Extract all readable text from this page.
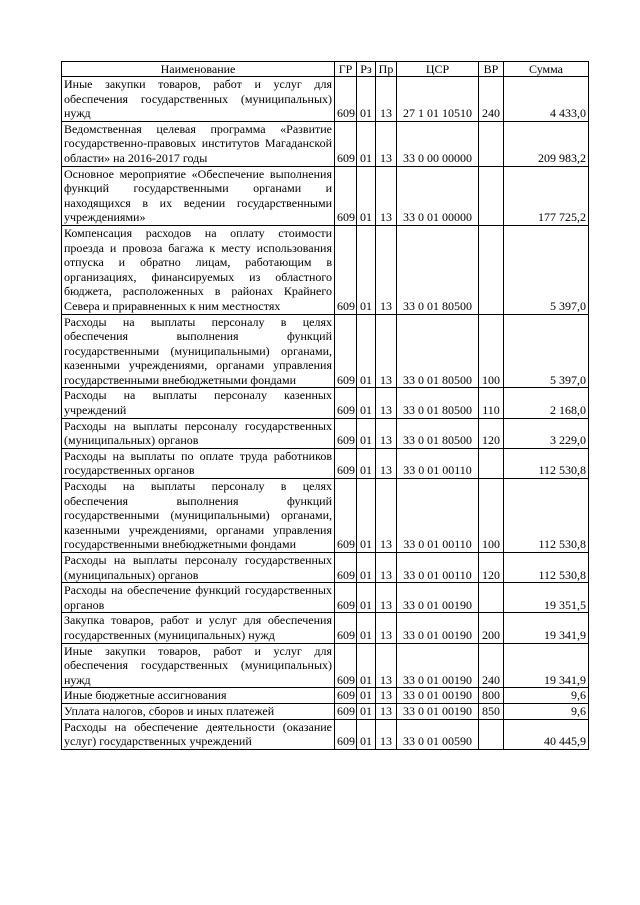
Наименование	ГР	Рз	Пр	ЦСР	ВР	Сумма
Иные закупки товаров, работ и услуг для обеспечения государственных (муниципальных) нужд	609	01	13	27 1 01 10510	240	4 433,0
Ведомственная целевая программа «Развитие государственно-правовых институтов Магаданской области» на 2016-2017 годы	609	01	13	33 0 00 00000		209 983,2
Основное мероприятие «Обеспечение выполнения функций государственными органами и находящихся в их ведении государственными учреждениями»	609	01	13	33 0 01 00000		177 725,2
Компенсация расходов на оплату стоимости проезда и провоза багажа к месту использования отпуска и обратно лицам, работающим в организациях, финансируемых из областного бюджета, расположенных в районах Крайнего Севера и приравненных к ним местностях	609	01	13	33 0 01 80500		5 397,0
Расходы на выплаты персоналу в целях обеспечения выполнения функций государственными (муниципальными) органами, казенными учреждениями, органами управления государственными внебюджетными фондами	609	01	13	33 0 01 80500	100	5 397,0
Расходы на выплаты персоналу казенных учреждений	609	01	13	33 0 01 80500	110	2 168,0
Расходы на выплаты персоналу государственных (муниципальных) органов	609	01	13	33 0 01 80500	120	3 229,0
Расходы на выплаты по оплате труда работников государственных органов	609	01	13	33 0 01 00110		112 530,8
Расходы на выплаты персоналу в целях обеспечения выполнения функций государственными (муниципальными) органами, казенными учреждениями, органами управления государственными внебюджетными фондами	609	01	13	33 0 01 00110	100	112 530,8
Расходы на выплаты персоналу государственных (муниципальных) органов	609	01	13	33 0 01 00110	120	112 530,8
Расходы на обеспечение функций государственных органов	609	01	13	33 0 01 00190		19 351,5
Закупка товаров, работ и услуг для обеспечения государственных (муниципальных) нужд	609	01	13	33 0 01 00190	200	19 341,9
Иные закупки товаров, работ и услуг для обеспечения государственных (муниципальных) нужд	609	01	13	33 0 01 00190	240	19 341,9
Иные бюджетные ассигнования	609	01	13	33 0 01 00190	800	9,6
Уплата налогов, сборов и иных платежей	609	01	13	33 0 01 00190	850	9,6
Расходы на обеспечение деятельности (оказание услуг) государственных учреждений	609	01	13	33 0 01 00590		40 445,9
